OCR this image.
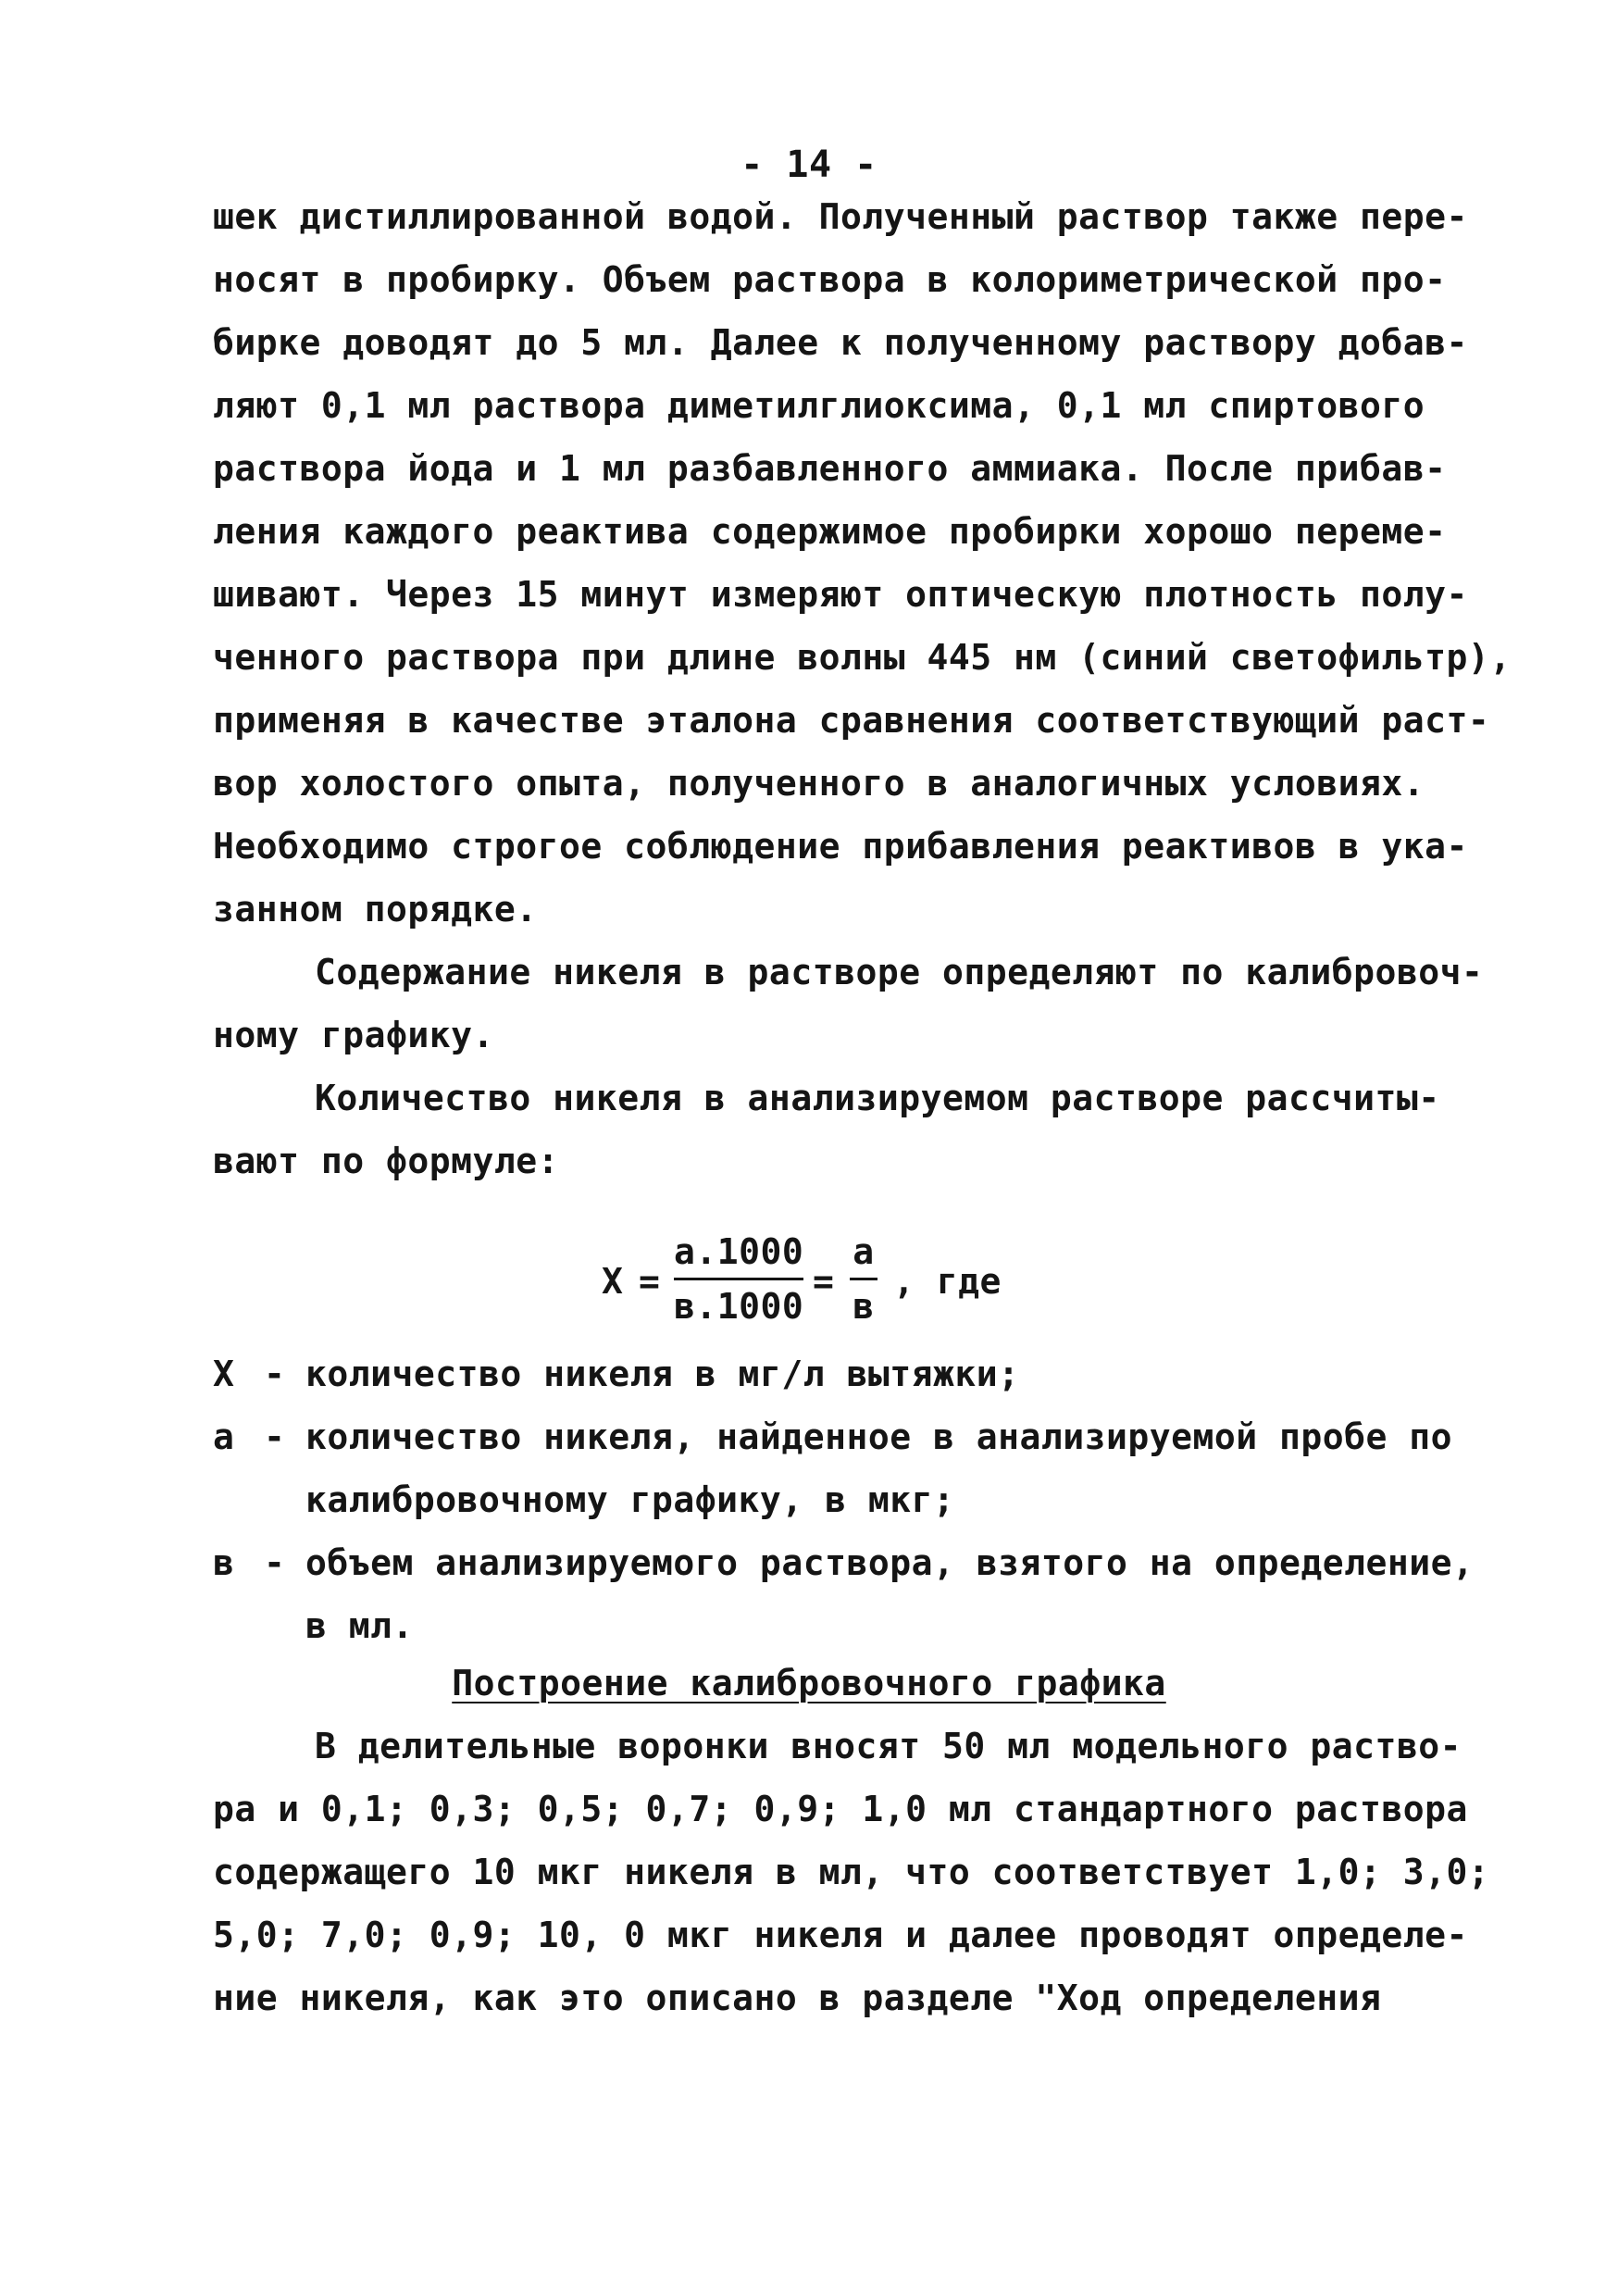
- 14 -
шек дистиллированной водой. Полученный раствор также пере-
носят в пробирку. Объем раствора в колориметрической про-
бирке доводят до 5 мл. Далее к полученному раствору добав-
ляют 0,1 мл раствора диметилглиоксима, 0,1 мл спиртового
раствора йода и 1 мл разбавленного аммиака. После прибав-
ления каждого реактива содержимое пробирки хорошо переме-
шивают. Через 15 минут измеряют оптическую плотность полу-
ченного раствора при длине волны 445 нм (синий светофильтр),
применяя в качестве эталона сравнения соответствующий раст-
вор холостого опыта, полученного в аналогичных условиях.
Необходимо строгое соблюдение прибавления реактивов в ука-
занном порядке.
Содержание никеля в растворе определяют по калибровоч-
ному графику.
Количество никеля в анализируемом растворе рассчиты-
вают по формуле:
X =
a.1000
в.1000
=
a
в
, где
X - количество никеля в мг/л вытяжки;
a - количество никеля, найденное в анализируемой пробе по
калибровочному графику, в мкг;
в - объем анализируемого раствора, взятого на определение,
в мл.
Построение калибровочного графика
В делительные воронки вносят 50 мл модельного раство-
ра и 0,1; 0,3; 0,5; 0,7; 0,9; 1,0 мл стандартного раствора
содержащего 10 мкг никеля в мл, что соответствует 1,0; 3,0;
5,0; 7,0; 0,9; 10, 0 мкг никеля и далее проводят определе-
ние никеля, как это описано в разделе "Ход определения
